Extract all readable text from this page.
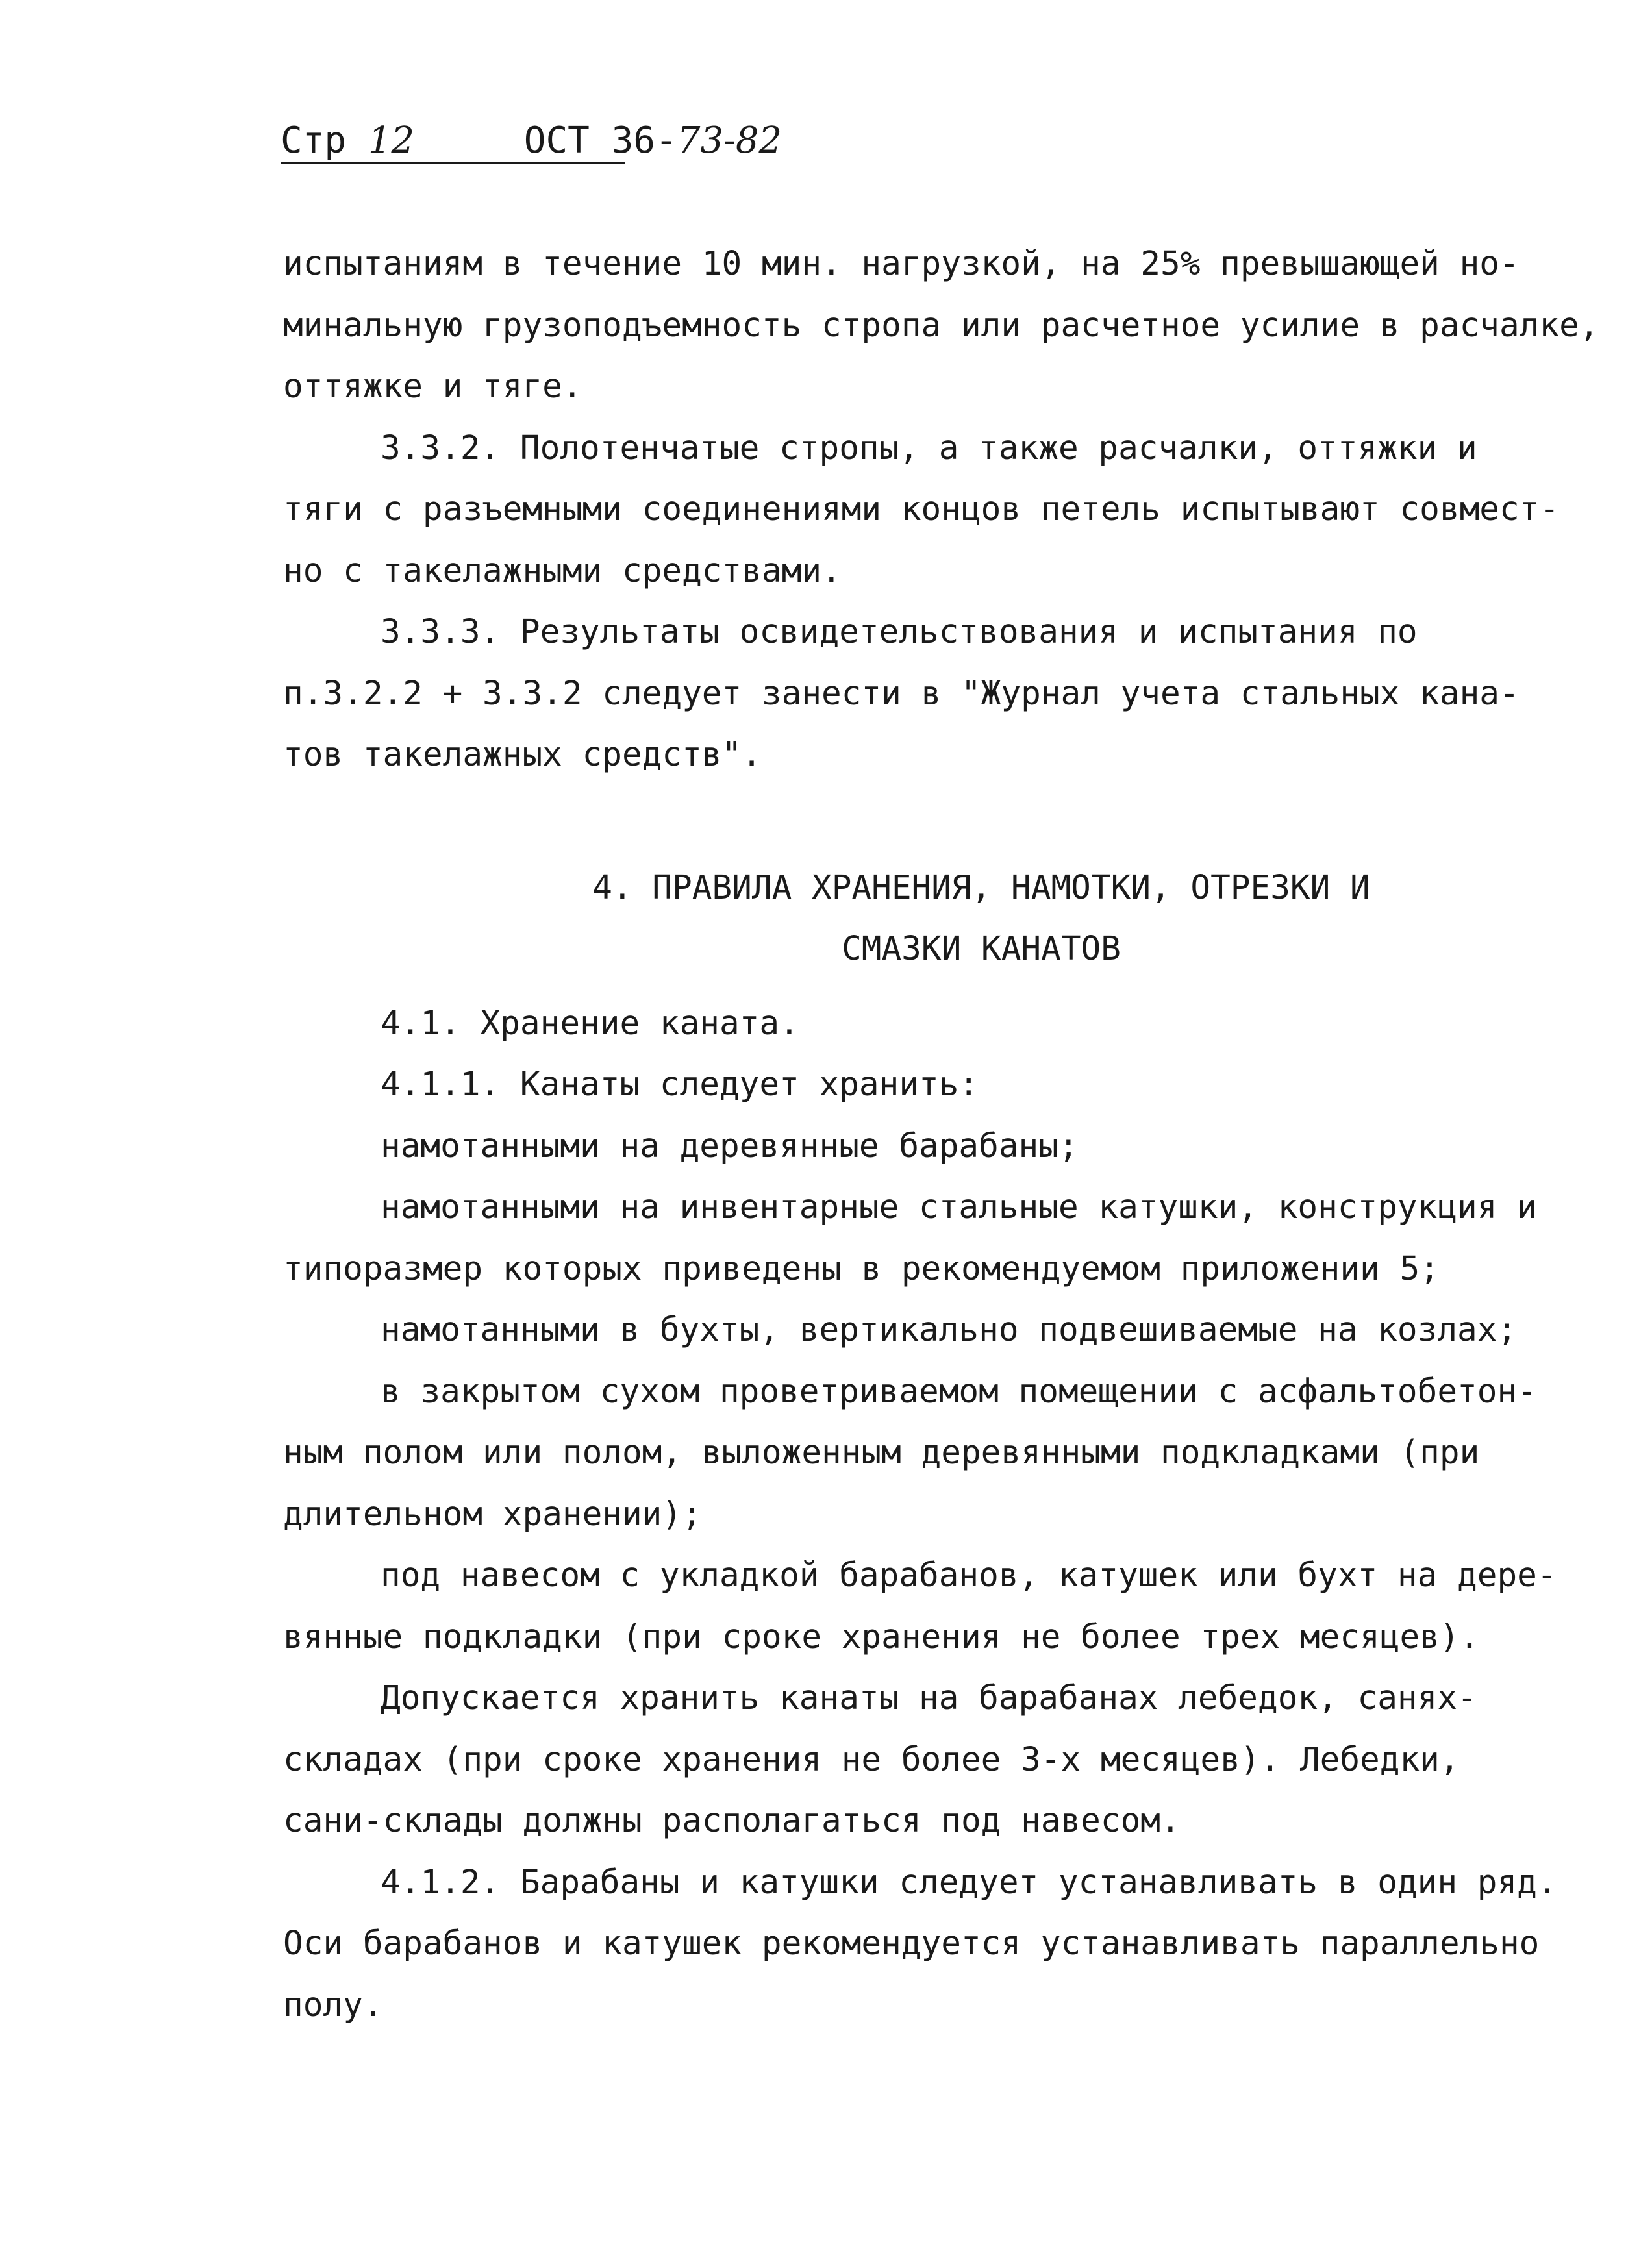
Стр 12	ОСТ 36-73-82
испытаниям в течение 10 мин. нагрузкой, на 25% превышающей но-
минальную грузоподъемность стропа или расчетное усилие в расчалке,
оттяжке и тяге.
3.3.2. Полотенчатые стропы, а также расчалки, оттяжки и
тяги с разъемными соединениями концов петель испытывают совмест-
но с такелажными средствами.
3.3.3. Результаты освидетельствования и испытания по
п.3.2.2 + 3.3.2 следует занести в "Журнал учета стальных кана-
тов такелажных средств".
4. ПРАВИЛА ХРАНЕНИЯ, НАМОТКИ, ОТРЕЗКИ И
СМАЗКИ КАНАТОВ
4.1. Хранение каната.
4.1.1. Канаты следует хранить:
намотанными на деревянные барабаны;
намотанными на инвентарные стальные катушки, конструкция и
типоразмер которых приведены в рекомендуемом приложении 5;
намотанными в бухты, вертикально подвешиваемые на козлах;
в закрытом сухом проветриваемом помещении с асфальтобетон-
ным полом или полом, выложенным деревянными подкладками (при
длительном хранении);
под навесом с укладкой барабанов, катушек или бухт на дере-
вянные подкладки (при сроке хранения не более трех месяцев).
Допускается хранить канаты на барабанах лебедок, санях-
складах (при сроке хранения не более 3-х месяцев). Лебедки,
сани-склады должны располагаться под навесом.
4.1.2. Барабаны и катушки следует устанавливать в один ряд.
Оси барабанов и катушек рекомендуется устанавливать параллельно
полу.
